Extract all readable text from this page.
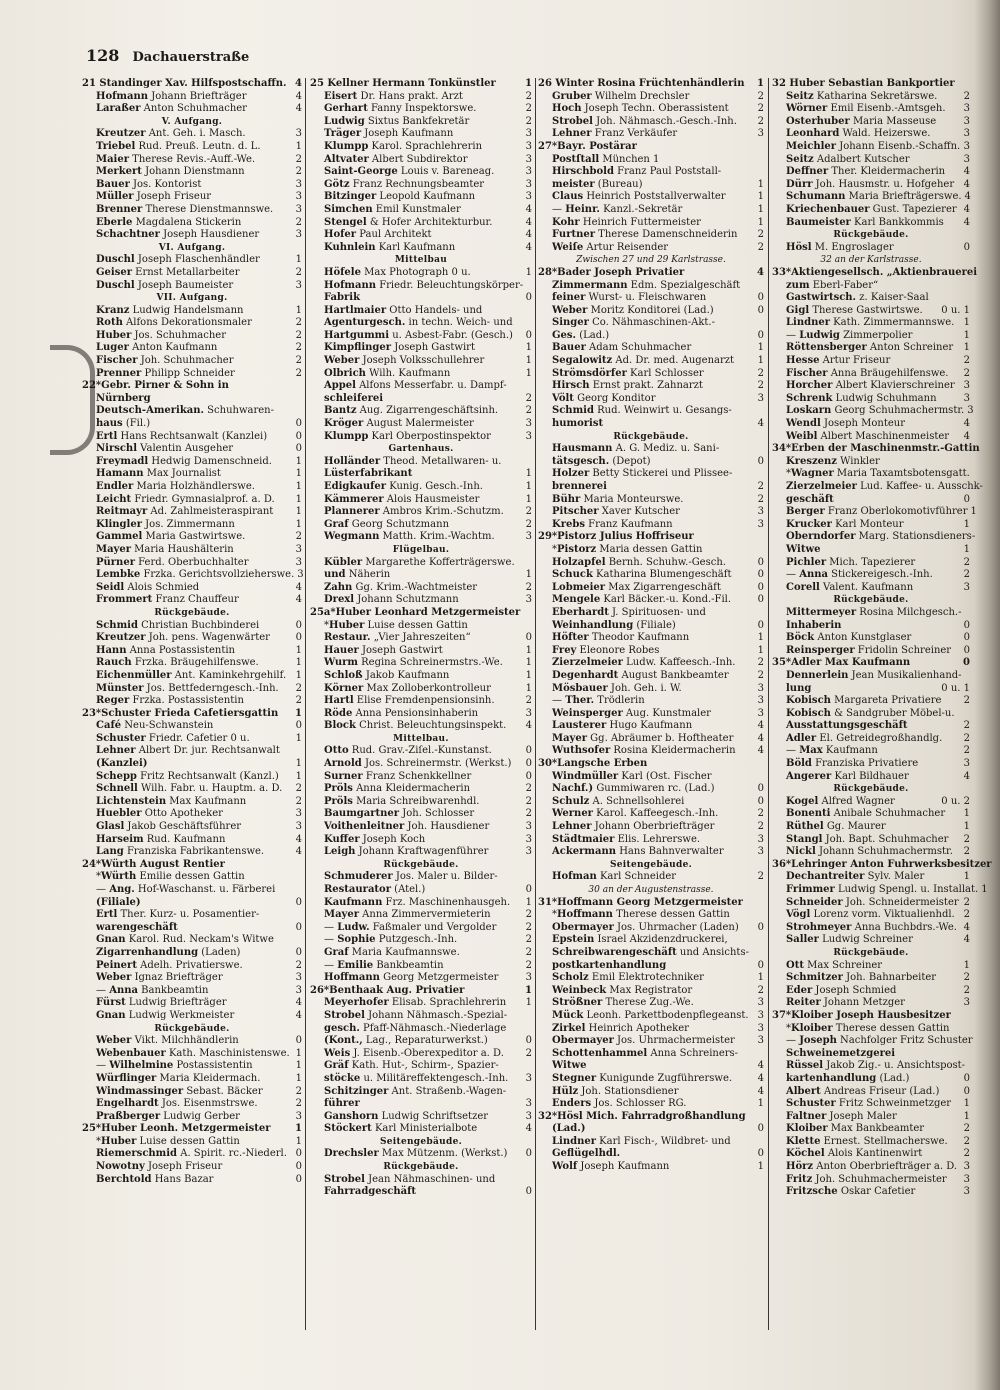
128 Dachauerstraße
21 Standinger Xav. Hilfspostschaffn. 4
Hofmann Johann Briefträger	4
Laraßer Anton Schuhmacher	4
V. Aufgang.
Kreutzer Ant. Geh. i. Masch.	3
Triebel Rud. Preuß. Leutn. d. L.	1
Maier Therese Revis.-Auff.-We.	2
Merkert Johann Dienstmann	2
Bauer Jos. Kontorist	3
Müller Joseph Friseur	3
Brenner Therese Dienstmannswe.	3
Eberle Magdalena Stickerin	2
Schachtner Joseph Hausdiener	3
VI. Aufgang.
Duschl Joseph Flaschenhändler	1
Geiser Ernst Metallarbeiter	2
Duschl Joseph Baumeister	3
VII. Aufgang.
Kranz Ludwig Handelsmann	1
Roth Alfons Dekorationsmaler	2
Huber Jos. Schuhmacher	2
Luger Anton Kaufmann	2
Fischer Joh. Schuhmacher	2
Prenner Philipp Schneider	2
22*Gebr. Pirner & Sohn in
Nürnberg
Deutsch-Amerikan. Schuhwaren-
haus (Fil.)	0
Ertl Hans Rechtsanwalt (Kanzlei)	0
Nirschl Valentin Ausgeher	0
Freymadl Hedwig Damenschneid.	1
Hamann Max Journalist	1
Endler Maria Holzhändlerswe.	1
Leicht Friedr. Gymnasialprof. a. D.	1
Reitmayr Ad. Zahlmeisteraspirant	1
Klingler Jos. Zimmermann	1
Gammel Maria Gastwirtswe.	2
Mayer Maria Haushälterin	3
Pürner Ferd. Oberbuchhalter	3
Lembke Frzka. Gerichtsvollzieherswe. 3
Seidl Alois Schmied	4
Frommert Franz Chauffeur	4
Rückgebäude.
Schmid Christian Buchbinderei	0
Kreutzer Joh. pens. Wagenwärter	0
Hann Anna Postassistentin	1
Rauch Frzka. Bräugehilfenswe.	1
Eichenmüller Ant. Kaminkehrgehilf. 1
Münster Jos. Bettfederngesch.-Inh.	2
Reger Frzka. Postassistentin	2
23*Schuster Frieda Cafetiersgattin	1
Café Neu-Schwanstein	0
Schuster Friedr. Cafetier 0 u.	1
Lehner Albert Dr. jur. Rechtsanwalt
(Kanzlei)	1
Schepp Fritz Rechtsanwalt (Kanzl.)	1
Schnell Wilh. Fabr. u. Hauptm. a. D.	2
Lichtenstein Max Kaufmann	2
Huebler Otto Apotheker	3
Glasl Jakob Geschäftsführer	3
Harseim Rud. Kaufmann	4
Lang Franziska Fabrikantenswe.	4
24*Würth August Rentier
*Würth Emilie dessen Gattin
— Ang. Hof-Waschanst. u. Färberei
(Filiale)	0
Ertl Ther. Kurz- u. Posamentier-
warengeschäft	0
Gnan Karol. Rud. Neckam's Witwe
Zigarrenhandlung (Laden)	0
Peinert Adelh. Privatierswe.	2
Weber Ignaz Briefträger	3
— Anna Bankbeamtin	3
Fürst Ludwig Briefträger	4
Gnan Ludwig Werkmeister	4
Rückgebäude.
Weber Vikt. Milchhändlerin	0
Webenbauer Kath. Maschinistenswe. 1
— Wilhelmine Postassistentin	1
Würflinger Maria Kleidermach.	1
Windmassinger Sebast. Bäcker	2
Engelhardt Jos. Eisenmstrswe.	2
Praßberger Ludwig Gerber	3
25*Huber Leonh. Metzgermeister	1
*Huber Luise dessen Gattin	1
Riemerschmid A. Spirit. rc.-Niederl. 0
Nowotny Joseph Friseur	0
Berchtold Hans Bazar	0
25 Kellner Hermann Tonkünstler	1
Eisert Dr. Hans prakt. Arzt	2
Gerhart Fanny Inspektorswe.	2
Ludwig Sixtus Bankfekretär	2
Träger Joseph Kaufmann	3
Klumpp Karol. Sprachlehrerin	3
Altvater Albert Subdirektor	3
Saint-George Louis v. Bareneag.	3
Götz Franz Rechnungsbeamter	3
Bitzinger Leopold Kaufmann	3
Simchen Emil Kunstmaler	4
Stengel & Hofer Architekturbur.	4
Hofer Paul Architekt	4
Kuhnlein Karl Kaufmann	4
Mittelbau
Höfele Max Photograph 0 u.	1
Hofmann Friedr. Beleuchtungskörper-
Fabrik	0
Hartlmaier Otto Handels- und
Agenturgesch. in techn. Weich- und
Hartgummi u. Asbest-Fabr. (Gesch.)	0
Kimpflinger Joseph Gastwirt	1
Weber Joseph Volksschullehrer	1
Olbrich Wilh. Kaufmann	1
Appel Alfons Messerfabr. u. Dampf-
schleiferei	2
Bantz Aug. Zigarrengeschäftsinh.	2
Kröger August Malermeister	3
Klumpp Karl Oberpostinspektor	3
Gartenhaus.
Holländer Theod. Metallwaren- u.
Lüsterfabrikant	1
Edigkaufer Kunig. Gesch.-Inh.	1
Kämmerer Alois Hausmeister	1
Plannerer Ambros Krim.-Schutzm.	2
Graf Georg Schutzmann	2
Wegmann Matth. Krim.-Wachtm.	3
Flügelbau.
Kübler Margarethe Kofferträgerswe.
und Näherin	1
Zahn Gg. Krim.-Wachtmeister	2
Drexl Johann Schutzmann	3
25a*Huber Leonhard Metzgermeister
*Huber Luise dessen Gattin
Restaur. „Vier Jahreszeiten“	0
Hauer Joseph Gastwirt	1
Wurm Regina Schreinermstrs.-We.	1
Schloß Jakob Kaufmann	1
Körner Max Zolloberkontrolleur	1
Hartl Elise Fremdenpensionsinh.	2
Röde Anna Pensionsinhaberin	3
Block Christ. Beleuchtungsinspekt.	4
Mittelbau.
Otto Rud. Grav.-Ziſel.-Kunstanst.	0
Arnold Jos. Schreinermstr. (Werkst.)	0
Surner Franz Schenkkellner	0
Pröls Anna Kleidermacherin	2
Pröls Maria Schreibwarenhdl.	2
Baumgartner Joh. Schlosser	2
Voithenleitner Joh. Hausdiener	3
Kuffer Joseph Koch	3
Leigh Johann Kraftwagenführer	3
Rückgebäude.
Schmuderer Jos. Maler u. Bilder-
Restaurator (Atel.)	0
Kaufmann Frz. Maschinenhausgeh.	1
Mayer Anna Zimmervermieterin	2
— Ludw. Faßmaler und Vergolder	2
— Sophie Putzgesch.-Inh.	2
Graf Maria Kaufmannswe.	2
— Emilie Bankbeamtin	2
Hoffmann Georg Metzgermeister	3
26*Benthaak Aug. Privatier	1
Meyerhofer Elisab. Sprachlehrerin	1
Strobel Johann Nähmasch.-Spezial-
gesch. Pfaff-Nähmasch.-Niederlage
(Kont., Lag., Reparaturwerkst.)	0
Weis J. Eisenb.-Oberexpeditor a. D.	2
Gräf Kath. Hut-, Schirm-, Spazier-
stöcke u. Militäreffektengesch.-Inh.	3
Schitzinger Ant. Straßenb.-Wagen-
führer	3
Ganshorn Ludwig Schriftsetzer	3
Stöckert Karl Ministerialbote	4
Seitengebäude.
Drechsler Max Mützenm. (Werkst.)	0
Rückgebäude.
Strobel Jean Nähmaschinen- und
Fahrradgeschäft	0
26 Winter Rosina Früchtenhändlerin	1
Gruber Wilhelm Drechsler	2
Hoch Joseph Techn. Oberassistent	2
Strobel Joh. Nähmasch.-Gesch.-Inh.	2
Lehner Franz Verkäufer	3
27*Bayr. Postärar
Postſtall München 1
Hirschbold Franz Paul Poststall-
meister (Bureau)	1
Claus Heinrich Poststallverwalter	1
— Heinr. Kanzl.-Sekretär	1
Kohr Heinrich Futtermeister	1
Furtner Therese Damenschneiderin	2
Weiſe Artur Reisender	2
Zwischen 27 und 29 Karlstrasse.
28*Bader Joseph Privatier	4
Zimmermann Edm. Spezialgeschäft
feiner Wurst- u. Fleischwaren	0
Weber Moritz Konditorei (Lad.)	0
Singer Co. Nähmaschinen-Akt.-
Ges. (Lad.)	0
Bauer Adam Schuhmacher	1
Segalowitz Ad. Dr. med. Augenarzt	1
Strömsdörfer Karl Schlosser	2
Hirsch Ernst prakt. Zahnarzt	2
Völt Georg Konditor	3
Schmid Rud. Weinwirt u. Gesangs-
humorist	4
Rückgebäude.
Hausmann A. G. Mediz. u. Sani-
tätsgesch. (Depot)	0
Holzer Betty Stickerei und Plissee-
brennerei	2
Bühr Maria Monteurswe.	2
Pitscher Xaver Kutscher	3
Krebs Franz Kaufmann	3
29*Pistorz Julius Hoffriseur
*Pistorz Maria dessen Gattin
Holzapfel Bernh. Schuhw.-Gesch.	0
Schuck Katharina Blumengeschäft	0
Lobmeier Max Zigarrengeschäft	0
Mengele Karl Bäcker.-u. Kond.-Fil.	0
Eberhardt J. Spirituosen- und
Weinhandlung (Filiale)	0
Höfter Theodor Kaufmann	1
Frey Eleonore Robes	1
Zierzelmeier Ludw. Kaffeesch.-Inh.	2
Degenhardt August Bankbeamter	2
Mösbauer Joh. Geh. i. W.	3
— Ther. Trödlerin	3
Weinsperger Aug. Kunstmaler	3
Lausterer Hugo Kaufmann	4
Mayer Gg. Abräumer b. Hoftheater	4
Wuthsofer Rosina Kleidermacherin	4
30*Langsche Erben
Windmüller Karl (Ost. Fischer
Nachf.) Gummiwaren rc. (Lad.)	0
Schulz A. Schnellsohlerei	0
Werner Karol. Kaffeegesch.-Inh.	2
Lehner Johann Oberbriefträger	2
Städtmaier Elis. Lehrerswe.	3
Ackermann Hans Bahnverwalter	3
Seitengebäude.
Hofman Karl Schneider	2
30 an der Augustenstrasse.
31*Hoffmann Georg Metzgermeister
*Hoffmann Therese dessen Gattin
Obermayer Jos. Uhrmacher (Laden)	0
Epstein Israel Akzidenzdruckerei,
Schreibwarengeschäft und Ansichts-
postkartenhandlung	0
Scholz Emil Elektrotechniker	1
Weinbeck Max Registrator	2
Strößner Therese Zug.-We.	3
Mück Leonh. Parkettbodenpflegeanst. 3
Zirkel Heinrich Apotheker	3
Obermayer Jos. Uhrmachermeister	3
Schottenhammel Anna Schreiners-
Witwe	4
Stegner Kunigunde Zugführerswe.	4
Hülz Joh. Stationsdiener	4
Enders Jos. Schlosser RG.	1
32*Hösl Mich. Fahrradgroßhandlung
(Lad.)	0
Lindner Karl Fisch-, Wildbret- und
Geflügelhdl.	0
Wolf Joseph Kaufmann	1
32 Huber Sebastian Bankportier
Seitz Katharina Sekretärswe.	2
Wörner Emil Eisenb.-Amtsgeh.	3
Osterhuber Maria Masseuse	3
Leonhard Wald. Heizerswe.	3
Meichler Johann Eisenb.-Schaffn. 3
Seitz Adalbert Kutscher	3
Deffner Ther. Kleidermacherin	4
Dürr Joh. Hausmstr. u. Hofgeher 4
Schumann Maria Briefträgerswe. 4
Kriechenbauer Gust. Tapezierer 4
Baumeister Karl Bankkommis	4
Rückgebäude.
Hösl M. Engroslager	0
32 an der Karlstrasse.
33*Aktiengesellsch. „Aktienbrauerei
zum Eberl-Faber“
Gastwirtsch. z. Kaiser-Saal
Gigl Therese Gastwirtswe.	0 u. 1
Lindner Kath. Zimmermannswe. 1
— Ludwig Zimmerpolier	1
Röttensberger Anton Schreiner	1
Hesse Artur Friseur	2
Fischer Anna Bräugehilfenswe.	2
Horcher Albert Klavierschreiner 3
Schrenk Ludwig Schuhmann	3
Loskarn Georg Schuhmachermstr. 3
Wendl Joseph Monteur	4
Weibl Albert Maschinenmeister	4
34*Erben der Maschinenmstr.-Gattin
Kreszenz Winkler
*Wagner Maria Taxamtsbotensgatt.
Zierzelmeier Lud. Kaffee- u. Ausschk-
geschäft	0
Berger Franz Oberlokomotivführer 1
Krucker Karl Monteur	1
Oberndorfer Marg. Stationsdieners-
Witwe	1
Pichler Mich. Tapezierer	2
— Anna Stickereigesch.-Inh.	2
Corell Valent. Kaufmann	3
Rückgebäude.
Mittermeyer Rosina Milchgesch.-
Inhaberin	0
Böck Anton Kunstglaser	0
Reinsperger Fridolin Schreiner	0
35*Adler Max Kaufmann	0
Dennerlein Jean Musikalienhand-
lung	0 u. 1
Kobisch Margareta Privatiere	2
Kobisch & Sandgruber Möbel-u.
Ausstattungsgeschäft	2
Adler El. Getreidegroßhandlg.	2
— Max Kaufmann	2
Böld Franziska Privatiere	3
Angerer Karl Bildhauer	4
Rückgebäude.
Kogel Alfred Wagner	0 u. 2
Bonenti Anibale Schuhmacher	1
Rüthel Gg. Maurer	1
Stangl Joh. Bapt. Schuhmacher	2
Nickl Johann Schuhmachermstr.	2
36*Lehringer Anton Fuhrwerksbesitzer
Dechantreiter Sylv. Maler	1
Frimmer Ludwig Spengl. u. Installat. 1
Schneider Joh. Schneidermeister 2
Vögl Lorenz vorm. Viktualienhdl. 2
Strohmeyer Anna Buchbdrs.-We. 4
Saller Ludwig Schreiner	4
Rückgebäude.
Ott Max Schreiner	1
Schmitzer Joh. Bahnarbeiter	2
Eder Joseph Schmied	2
Reiter Johann Metzger	3
37*Kloiber Joseph Hausbesitzer
*Kloiber Therese dessen Gattin
— Joseph Nachfolger Fritz Schuster
Schweinemetzgerei
Rüssel Jakob Zig.- u. Ansichtspost-
kartenhandlung (Lad.)	0
Albert Andreas Friseur (Lad.)	0
Schuster Fritz Schweinmetzger	1
Faltner Joseph Maler	1
Kloiber Max Bankbeamter	2
Klette Ernest. Stellmacherswe.	2
Köchel Alois Kantinenwirt	2
Hörz Anton Oberbriefträger a. D. 3
Fritz Joh. Schuhmachermeister	3
Fritzsche Oskar Cafetier	3
